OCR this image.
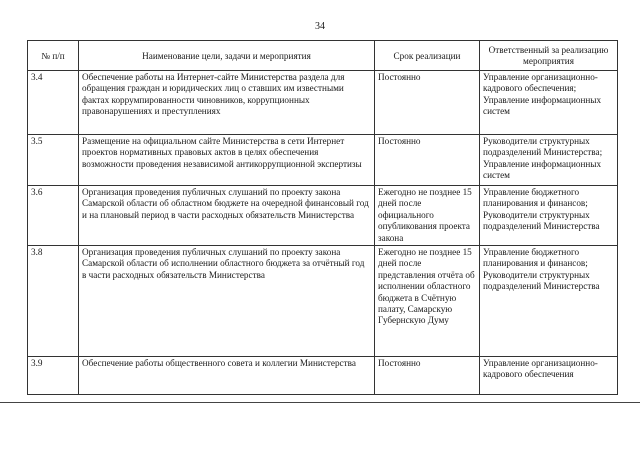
34
№ п/п	Наименование цели, задачи и мероприятия	Срок реализации	Ответственный за реализацию мероприятия
3.4	Обеспечение работы на Интернет-сайте Министерства раздела для обращения граждан и юридических лиц о ставших им известными фактах коррумпированности чиновников, коррупционных правонарушениях и преступлениях	Постоянно	Управление организационно-кадрового обеспечения; Управление информационных систем
3.5	Размещение на официальном сайте Министерства в сети Интернет проектов нормативных правовых актов в целях обеспечения возможности проведения независимой антикоррупционной экспертизы	Постоянно	Руководители структурных подразделений Министерства; Управление информационных систем
3.6	Организация проведения публичных слушаний по проекту закона Самарской области об областном бюджете на очередной финансовый год и на плановый период в части расходных обязательств Министерства	Ежегодно не позднее 15 дней после официального опубликования проекта закона	Управление бюджетного планирования и финансов; Руководители структурных подразделений Министерства
3.8	Организация проведения публичных слушаний по проекту закона Самарской области об исполнении областного бюджета за отчётный год в части расходных обязательств Министерства	Ежегодно не позднее 15 дней после представления отчёта об исполнении областного бюджета в Счётную палату, Самарскую Губернскую Думу	Управление бюджетного планирования и финансов; Руководители структурных подразделений Министерства
3.9	Обеспечение работы общественного совета и коллегии Министерства	Постоянно	Управление организационно-кадрового обеспечения
